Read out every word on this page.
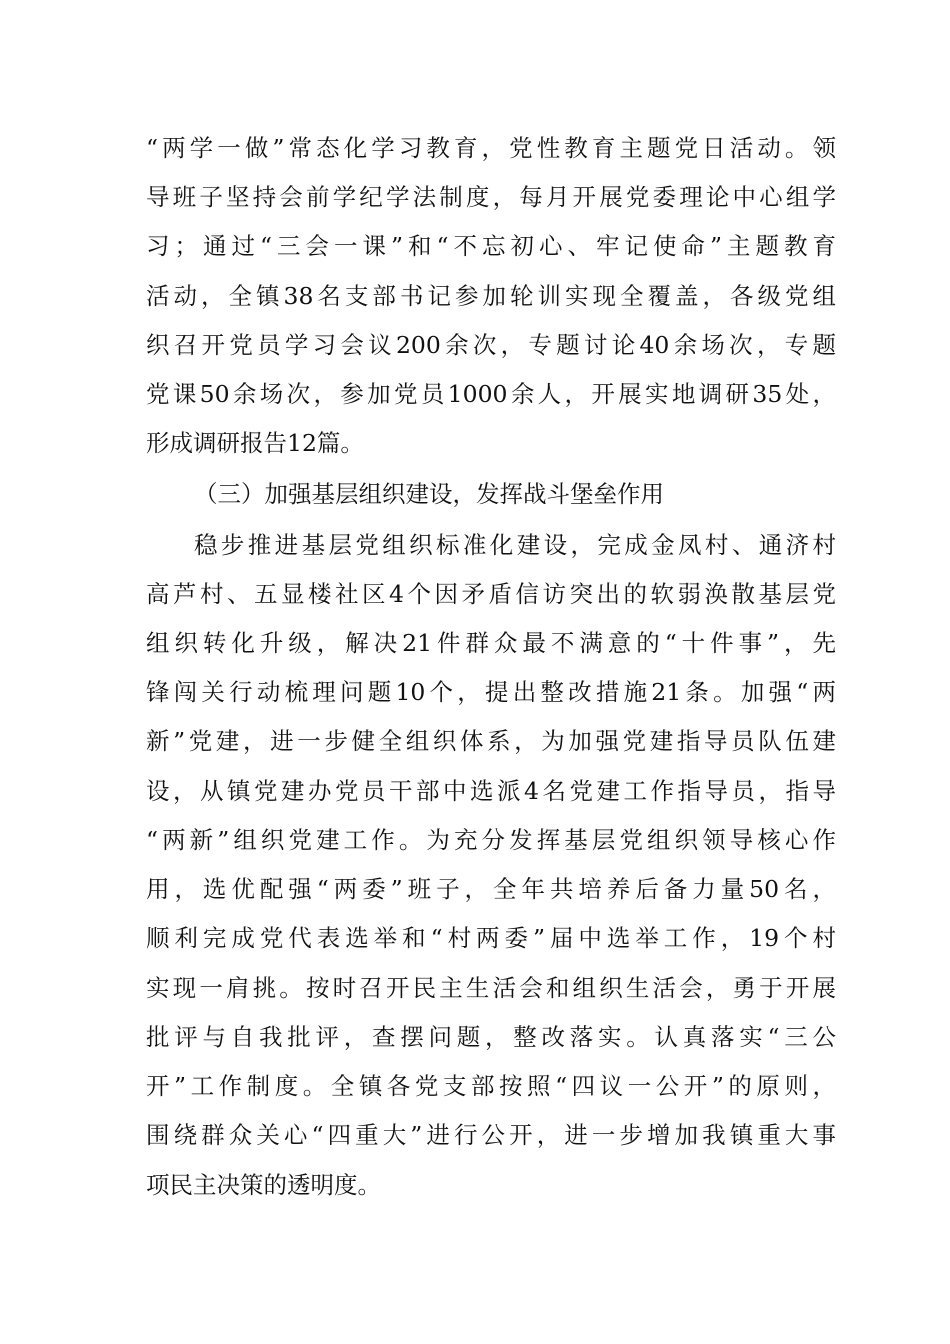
“两学一做”常态化学习教育，党性教育主题党日活动。领
导班子坚持会前学纪学法制度，每月开展党委理论中心组学
习；通过“三会一课”和“不忘初心、牢记使命”主题教育
活动，全镇38名支部书记参加轮训实现全覆盖，各级党组
织召开党员学习会议200余次，专题讨论40余场次，专题
党课50余场次，参加党员1000余人，开展实地调研35处，
形成调研报告12篇。
（三）加强基层组织建设，发挥战斗堡垒作用
稳步推进基层党组织标准化建设，完成金凤村、通济村
高芦村、五显楼社区4个因矛盾信访突出的软弱涣散基层党
组织转化升级，解决21件群众最不满意的“十件事”，先
锋闯关行动梳理问题10个，提出整改措施21条。加强“两
新”党建，进一步健全组织体系，为加强党建指导员队伍建
设，从镇党建办党员干部中选派4名党建工作指导员，指导
“两新”组织党建工作。为充分发挥基层党组织领导核心作
用，选优配强“两委”班子，全年共培养后备力量50名，
顺利完成党代表选举和“村两委”届中选举工作，19个村
实现一肩挑。按时召开民主生活会和组织生活会，勇于开展
批评与自我批评，查摆问题，整改落实。认真落实“三公
开”工作制度。全镇各党支部按照“四议一公开”的原则，
围绕群众关心“四重大”进行公开，进一步增加我镇重大事
项民主决策的透明度。
